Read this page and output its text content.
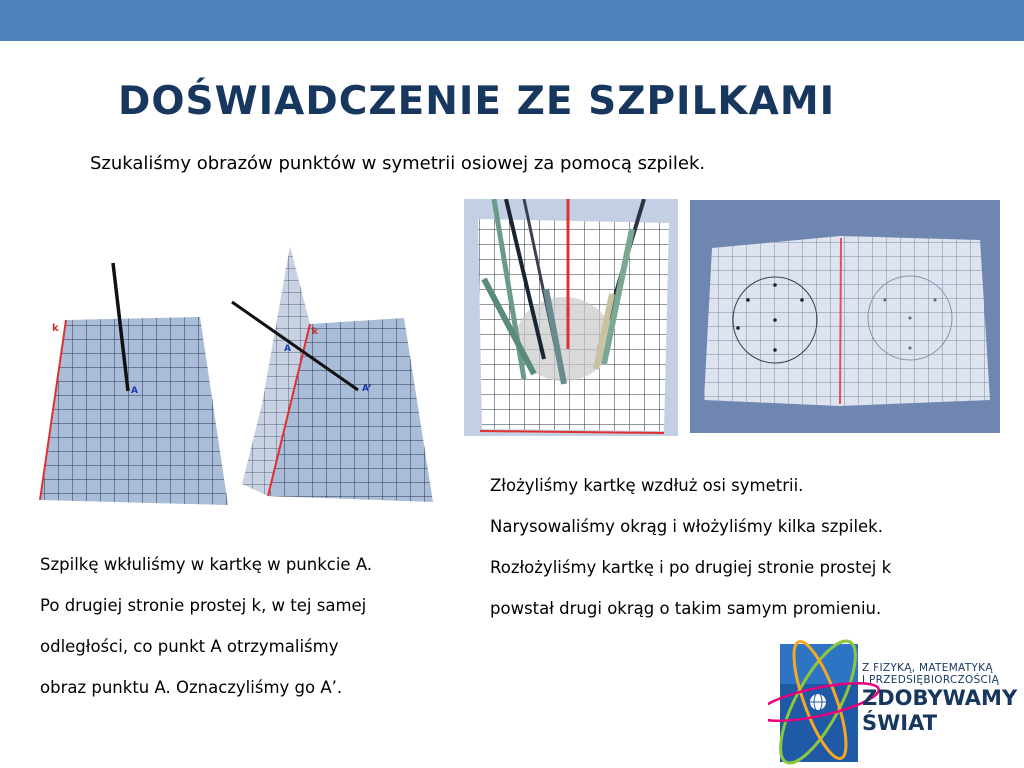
DOŚWIADCZENIE ZE SZPILKAMI

Szukaliśmy obrazów punktów w symetrii osiowej za pomocą szpilek.

k
A
A
A’
k

Szpilkę wkłuliśmy w kartkę w punkcie A.

Po drugiej stronie prostej k, w tej samej

odległości, co punkt A otrzymaliśmy

obraz punktu A. Oznaczyliśmy go A’.

Złożyliśmy kartkę wzdłuż osi symetrii.

Narysowaliśmy okrąg i włożyliśmy kilka szpilek.

Rozłożyliśmy kartkę i po drugiej stronie prostej k

powstał drugi okrąg o takim samym promieniu.

Z FIZYKĄ, MATEMATYKĄ
I PRZEDSIĘBIORCZOŚCIĄ
ZDOBYWAMY
ŚWIAT
